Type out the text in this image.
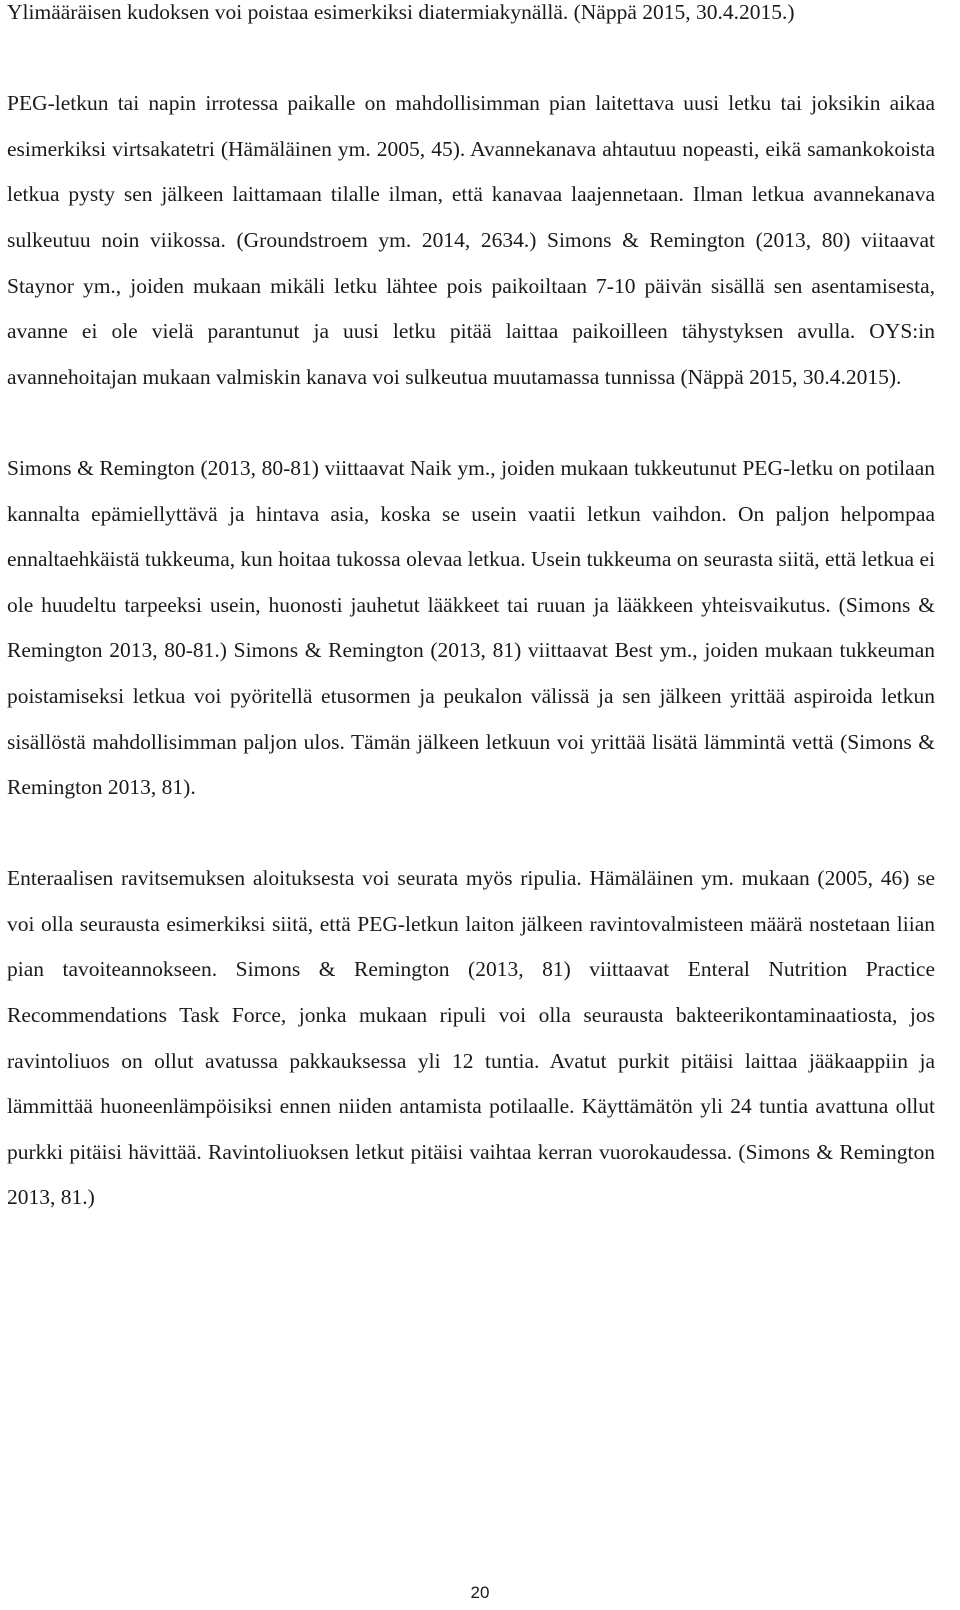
Ylimääräisen kudoksen voi poistaa esimerkiksi diatermiakynällä. (Näppä 2015, 30.4.2015.)

PEG-letkun tai napin irrotessa paikalle on mahdollisimman pian laitettava uusi letku tai joksikin aikaa esimerkiksi virtsakatetri (Hämäläinen ym. 2005, 45). Avannekanava ahtautuu nopeasti, eikä samankokoista letkua pysty sen jälkeen laittamaan tilalle ilman, että kanavaa laajennetaan. Ilman letkua avannekanava sulkeutuu noin viikossa. (Groundstroem ym. 2014, 2634.) Simons & Remington (2013, 80) viitaavat Staynor ym., joiden mukaan mikäli letku lähtee pois paikoiltaan 7-10 päivän sisällä sen asentamisesta, avanne ei ole vielä parantunut ja uusi letku pitää laittaa paikoilleen tähystyksen avulla. OYS:in avannehoitajan mukaan valmiskin kanava voi sulkeutua muutamassa tunnissa (Näppä 2015, 30.4.2015).

Simons & Remington (2013, 80-81) viittaavat Naik ym., joiden mukaan tukkeutunut PEG-letku on potilaan kannalta epämiellyttävä ja hintava asia, koska se usein vaatii letkun vaihdon. On paljon helpompaa ennaltaehkäistä tukkeuma, kun hoitaa tukossa olevaa letkua. Usein tukkeuma on seurasta siitä, että letkua ei ole huudeltu tarpeeksi usein, huonosti jauhetut lääkkeet tai ruuan ja lääkkeen yhteisvaikutus. (Simons & Remington 2013, 80-81.) Simons & Remington (2013, 81) viittaavat Best ym., joiden mukaan tukkeuman poistamiseksi letkua voi pyöritellä etusormen ja peukalon välissä ja sen jälkeen yrittää aspiroida letkun sisällöstä mahdollisimman paljon ulos. Tämän jälkeen letkuun voi yrittää lisätä lämmintä vettä (Simons & Remington 2013, 81).

Enteraalisen ravitsemuksen aloituksesta voi seurata myös ripulia. Hämäläinen ym. mukaan (2005, 46) se voi olla seurausta esimerkiksi siitä, että PEG-letkun laiton jälkeen ravintovalmisteen määrä nostetaan liian pian tavoiteannokseen. Simons & Remington (2013, 81) viittaavat Enteral Nutrition Practice Recommendations Task Force, jonka mukaan ripuli voi olla seurausta bakteerikontaminaatiosta, jos ravintoliuos on ollut avatussa pakkauksessa yli 12 tuntia. Avatut purkit pitäisi laittaa jääkaappiin ja lämmittää huoneenlämpöisiksi ennen niiden antamista potilaalle. Käyttämätön yli 24 tuntia avattuna ollut purkki pitäisi hävittää. Ravintoliuoksen letkut pitäisi vaihtaa kerran vuorokaudessa. (Simons & Remington 2013, 81.)

20
